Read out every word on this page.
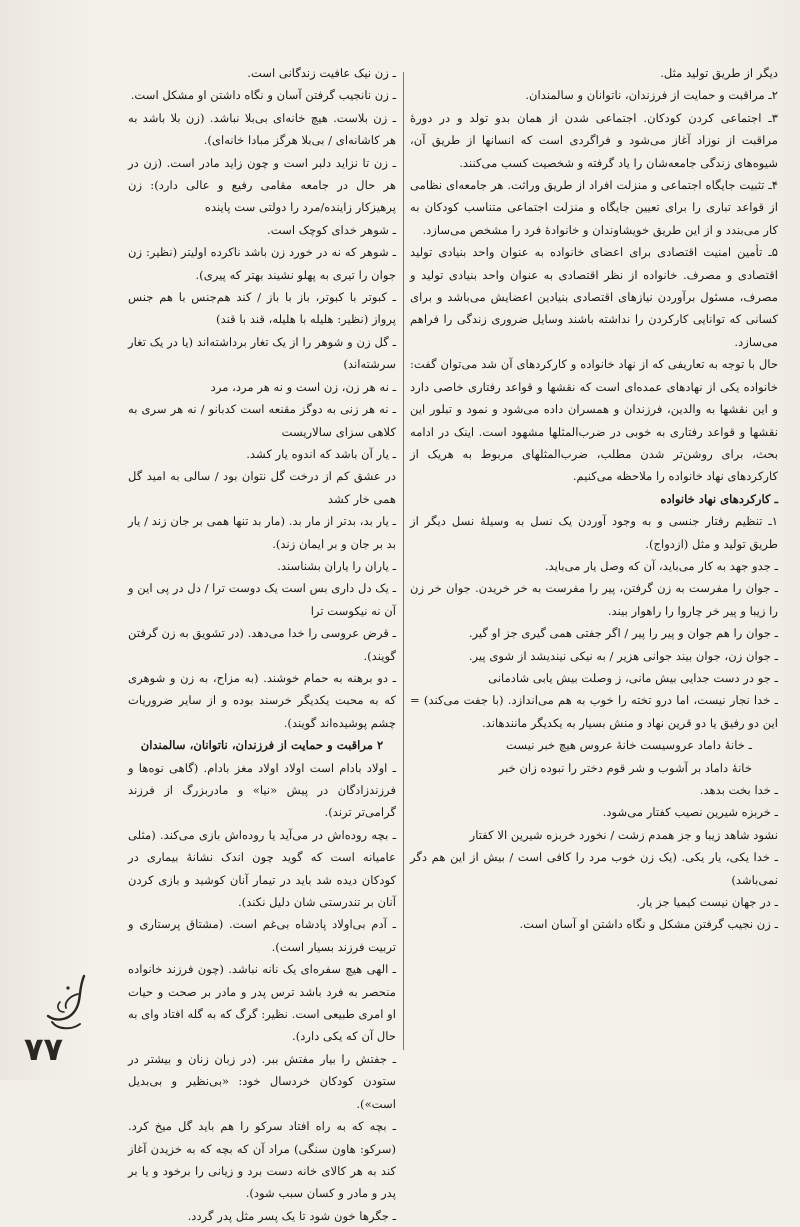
دیگر از طریق تولید مثل.

۲ـ مراقبت و حمایت از فرزندان، ناتوانان و سالمندان.

۳ـ اجتماعی کردن کودکان. اجتماعی شدن از همان بدو تولد و در دورهٔ مراقبت از نوزاد آغاز می‌شود و فراگردی است که انسانها از طریق آن، شیوه‌های زندگی جامعه‌شان را یاد گرفته و شخصیت کسب می‌کنند.

۴ـ تثبیت جایگاه اجتماعی و منزلت افراد از طریق وراثت. هر جامعه‌ای نظامی از قواعد تباری را برای تعیین جایگاه و منزلت اجتماعی متناسب کودکان به کار می‌بندد و از این طریق خویشاوندان و خانوادهٔ فرد را مشخص می‌سازد.

۵ـ تأمین امنیت اقتصادی برای اعضای خانواده به عنوان واحد بنیادی تولید اقتصادی و مصرف. خانواده از نظر اقتصادی به عنوان واحد بنیادی تولید و مصرف، مسئول برآوردن نیازهای اقتصادی بنیادین اعضایش می‌باشد و برای کسانی که توانایی کارکردن را نداشته باشند وسایل ضروری زندگی را فراهم می‌سازد.

حال با توجه به تعاریفی که از نهاد خانواده و کارکردهای آن شد می‌توان گفت: خانواده یکی از نهادهای عمده‌ای است که نقشها و قواعد رفتاری خاصی دارد و این نقشها به والدین، فرزندان و همسران داده می‌شود و نمود و تبلور این نقشها و قواعد رفتاری به خوبی در ضرب‌المثلها مشهود است. اینک در ادامه بحث، برای روشن‌تر شدن مطلب، ضرب‌المثلهای مربوط به هریک از کارکردهای نهاد خانواده را ملاحظه می‌کنیم.

ـ کارکردهای نهاد خانواده

۱ـ تنظیم رفتار جنسی و به وجود آوردن یک نسل به وسیلهٔ نسل دیگر از طریق تولید و مثل (ازدواج).

ـ جدو جهد به کار می‌باید، آن که وصل یار می‌باید.

ـ جوان را مفرست به زن گرفتن، پیر را مفرست به خر خریدن. جوان خر زن را زیبا و پیر خر چاروا را راهوار بیند.

ـ جوان را هم جوان و پیر را پیر / اگر جفتی همی گیری جز او گیر.

ـ جوان زن، جوان بیند جوانی هزیر / به نیکی نیندیشد از شوی پیر.

ـ جو در دست جدایی بیش مانی، ز وصلت بیش یابی شادمانی

ـ خدا نجار نیست، اما درو تخته را خوب به هم می‌اندازد. (با جفت می‌کند) = این دو رفیق یا دو قرین نهاد و منش بسیار به یکدیگر مانندهاند.

ـ خانهٔ داماد عروسیست خانهٔ عروس هیچ خبر نیست

خانهٔ داماد بر آشوب و شر قوم دختر را نبوده زان خبر

ـ خدا بخت بدهد.

ـ خربزه شیرین نصیب کفتار می‌شود.

نشود شاهد زیبا و جز همدم زشت / نخورد خربزه شیرین الا کفتار

ـ خدا یکی، یار یکی. (یک زن خوب مرد را کافی است / بیش از این هم دگر نمی‌باشد)

ـ در جهان نیست کیمیا جز یار.

ـ زن نجیب گرفتن مشکل و نگاه داشتن او آسان است.

ـ زن نیک عافیت زندگانی است.

ـ زن نانجیب گرفتن آسان و نگاه داشتن او مشکل است.

ـ زن بلاست. هیچ خانه‌ای بی‌بلا نباشد. (زن بلا باشد به هر کاشانه‌ای / بی‌بلا هرگز مبادا خانه‌ای).

ـ زن تا نزاید دلبر است و چون زاید مادر است. (زن در هر حال در جامعه مقامی رفیع و عالی دارد): زن پرهیزکار زاینده/مرد را دولتی ست پاینده

ـ شوهر خدای کوچک است.

ـ شوهر که نه در خورد زن باشد ناکرده اولیتر (نظیر: زن جوان را تیری به پهلو نشیند بهتر که پیری).

ـ کبوتر با کبوتر، باز با باز / کند هم‌جنس با هم جنس پرواز (نظیر: هلیله با هلیله، قند با قند)

ـ گل زن و شوهر را از یک تغار برداشته‌اند (یا در یک تغار سرشته‌اند)

ـ نه هر زن، زن است و نه هر مرد، مرد

ـ نه هر زنی به دوگز مقنعه است کدبانو / نه هر سری به کلاهی سزای سالاریست

ـ یار آن باشد که اندوه یار کشد.

در عشق کم از درخت گل نتوان بود / سالی به امید گل همی خار کشد

ـ یار بد، بدتر از مار بد. (مار بد تنها همی بر جان زند / یار بد بر جان و بر ایمان زند).

ـ یاران را یاران بشناسند.

ـ یک دل داری بس است یک دوست ترا / دل در پی این و آن نه نیکوست ترا

ـ قرض عروسی را خدا می‌دهد. (در تشویق به زن گرفتن گویند).

ـ دو برهنه به حمام خوشند. (به مزاح، به زن و شوهری که به محبت یکدیگر خرسند بوده و از سایر ضروریات چشم پوشیده‌اند گویند).

۲ مراقبت و حمایت از فرزندان، ناتوانان، سالمندان

ـ اولاد بادام است اولاد اولاد مغز بادام. (گاهی نوه‌ها و فرزندزادگان در پیش «نیا» و مادربزرگ از فرزند گرامی‌تر ترند).

ـ بچه روده‌اش در می‌آید یا روده‌اش بازی می‌کند. (مثلی عامیانه است که گوید چون اندک نشانهٔ بیماری در کودکان دیده شد باید در تیمار آنان کوشید و بازی کردن آنان بر تندرستی شان دلیل نکند).

ـ آدم بی‌اولاد پادشاه بی‌غم است. (مشتاق پرستاری و تربیت فرزند بسیار است).

ـ الهی هیچ سفره‌ای یک نانه نباشد. (چون فرزند خانواده منحصر به فرد باشد ترس پدر و مادر بر صحت و حیات او امری طبیعی است. نظیر: گرگ که به گله افتاد وای به حال آن که یکی دارد).

ـ جفتش را بیار مفتش ببر. (در زبان زنان و بیشتر در ستودن کودکان خردسال خود: «بی‌نظیر و بی‌بدیل است»).

ـ بچه که به راه افتاد سرکو را هم باید گل میخ کرد. (سرکو: هاون سنگی) مراد آن که بچه که به خزیدن آغاز کند به هر کالای خانه دست برد و زیانی را برخود و یا بر پدر و مادر و کسان سبب شود).

ـ جگرها خون شود تا یک پسر مثل پدر گردد.

۷۷
